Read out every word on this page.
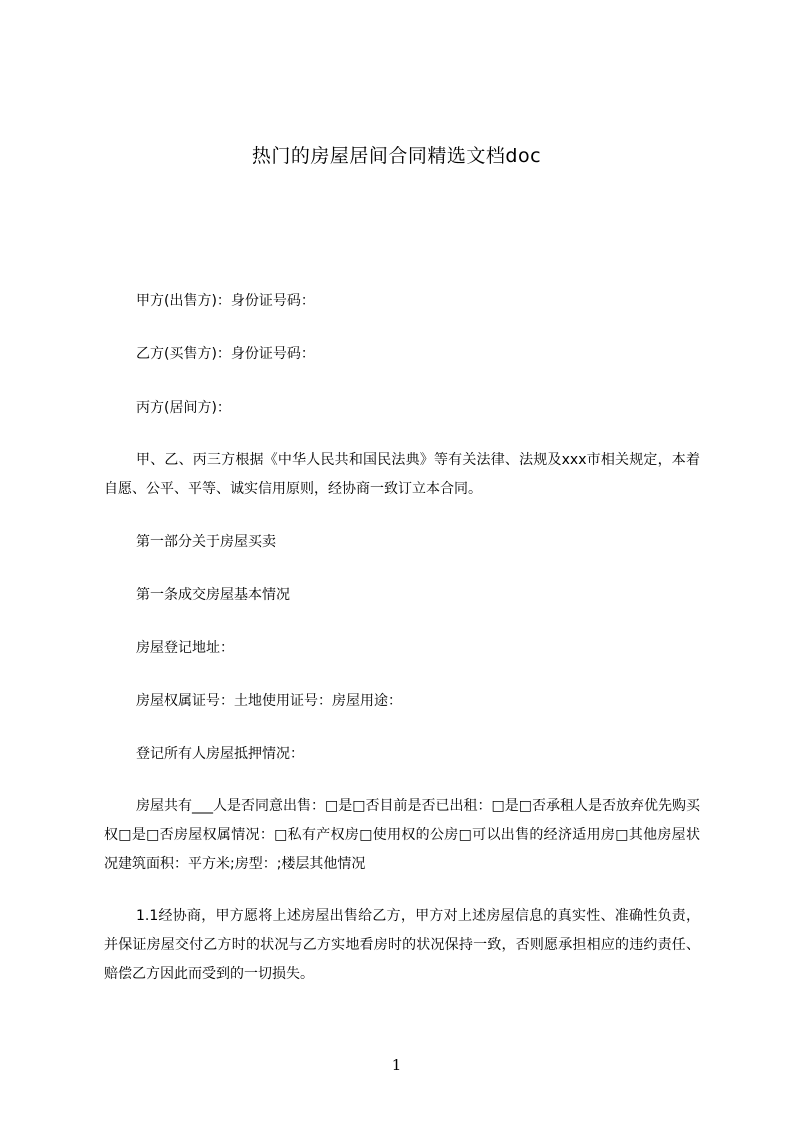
热门的房屋居间合同精选文档doc
甲方(出售方)：身份证号码：
乙方(买售方)：身份证号码：
丙方(居间方)：
甲、乙、丙三方根据《中华人民共和国民法典》等有关法律、法规及xxx市相关规定，本着自愿、公平、平等、诚实信用原则，经协商一致订立本合同。
第一部分关于房屋买卖
第一条成交房屋基本情况
房屋登记地址：
房屋权属证号：土地使用证号：房屋用途：
登记所有人房屋抵押情况：
房屋共有___人是否同意出售：□是□否目前是否已出租：□是□否承租人是否放弃优先购买权□是□否房屋权属情况：□私有产权房□使用权的公房□可以出售的经济适用房□其他房屋状况建筑面积：平方米;房型：;楼层其他情况
1.1经协商，甲方愿将上述房屋出售给乙方，甲方对上述房屋信息的真实性、准确性负责，并保证房屋交付乙方时的状况与乙方实地看房时的状况保持一致，否则愿承担相应的违约责任、赔偿乙方因此而受到的一切损失。
1
